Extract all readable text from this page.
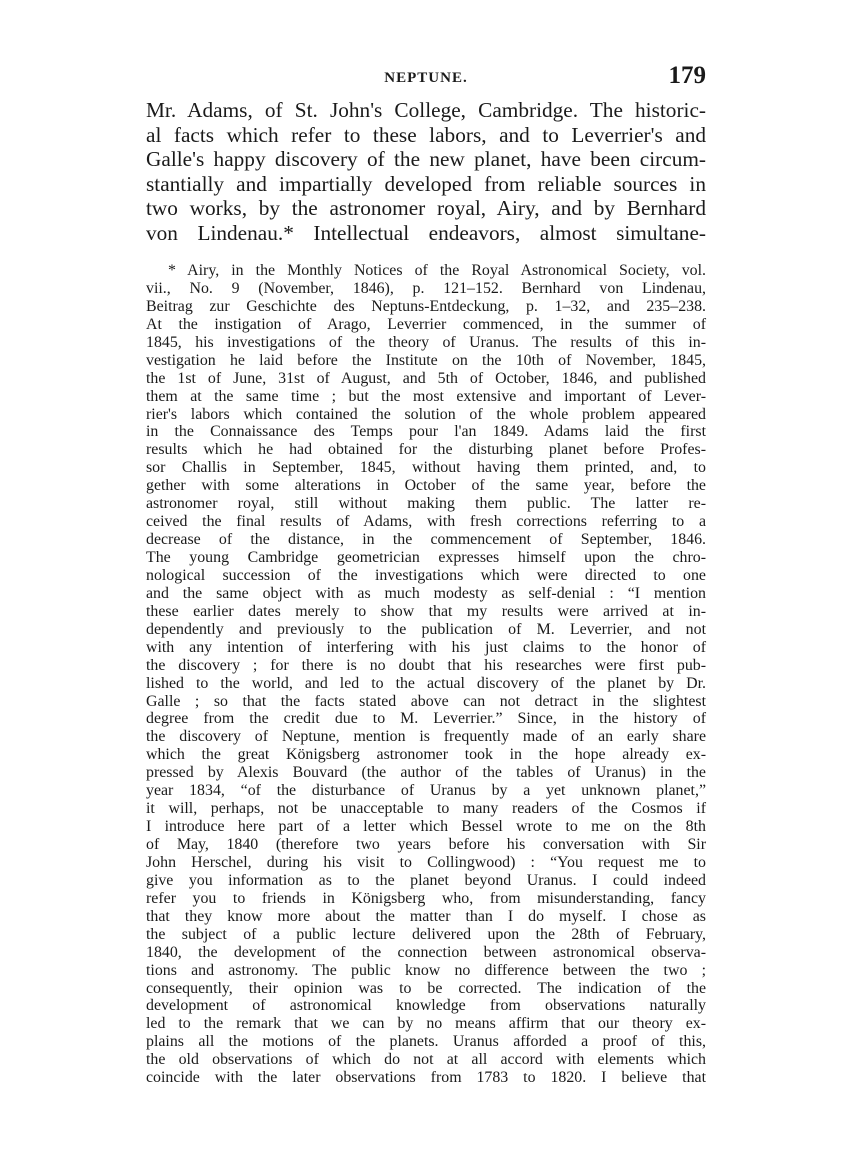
NEPTUNE.	179
Mr. Adams, of St. John's College, Cambridge. The historic-
al facts which refer to these labors, and to Leverrier's and
Galle's happy discovery of the new planet, have been circum-
stantially and impartially developed from reliable sources in
two works, by the astronomer royal, Airy, and by Bernhard
von Lindenau.* Intellectual endeavors, almost simultane-
* Airy, in the Monthly Notices of the Royal Astronomical Society, vol.
vii., No. 9 (November, 1846), p. 121–152. Bernhard von Lindenau,
Beitrag zur Geschichte des Neptuns-Entdeckung, p. 1–32, and 235–238.
At the instigation of Arago, Leverrier commenced, in the summer of
1845, his investigations of the theory of Uranus. The results of this in-
vestigation he laid before the Institute on the 10th of November, 1845,
the 1st of June, 31st of August, and 5th of October, 1846, and published
them at the same time ; but the most extensive and important of Lever-
rier's labors which contained the solution of the whole problem appeared
in the Connaissance des Temps pour l'an 1849. Adams laid the first
results which he had obtained for the disturbing planet before Profes-
sor Challis in September, 1845, without having them printed, and, to
gether with some alterations in October of the same year, before the
astronomer royal, still without making them public. The latter re-
ceived the final results of Adams, with fresh corrections referring to a
decrease of the distance, in the commencement of September, 1846.
The young Cambridge geometrician expresses himself upon the chro-
nological succession of the investigations which were directed to one
and the same object with as much modesty as self-denial : “I mention
these earlier dates merely to show that my results were arrived at in-
dependently and previously to the publication of M. Leverrier, and not
with any intention of interfering with his just claims to the honor of
the discovery ; for there is no doubt that his researches were first pub-
lished to the world, and led to the actual discovery of the planet by Dr.
Galle ; so that the facts stated above can not detract in the slightest
degree from the credit due to M. Leverrier.” Since, in the history of
the discovery of Neptune, mention is frequently made of an early share
which the great Königsberg astronomer took in the hope already ex-
pressed by Alexis Bouvard (the author of the tables of Uranus) in the
year 1834, “of the disturbance of Uranus by a yet unknown planet,”
it will, perhaps, not be unacceptable to many readers of the Cosmos if
I introduce here part of a letter which Bessel wrote to me on the 8th
of May, 1840 (therefore two years before his conversation with Sir
John Herschel, during his visit to Collingwood) : “You request me to
give you information as to the planet beyond Uranus. I could indeed
refer you to friends in Königsberg who, from misunderstanding, fancy
that they know more about the matter than I do myself. I chose as
the subject of a public lecture delivered upon the 28th of February,
1840, the development of the connection between astronomical observa-
tions and astronomy. The public know no difference between the two ;
consequently, their opinion was to be corrected. The indication of the
development of astronomical knowledge from observations naturally
led to the remark that we can by no means affirm that our theory ex-
plains all the motions of the planets. Uranus afforded a proof of this,
the old observations of which do not at all accord with elements which
coincide with the later observations from 1783 to 1820. I believe that
